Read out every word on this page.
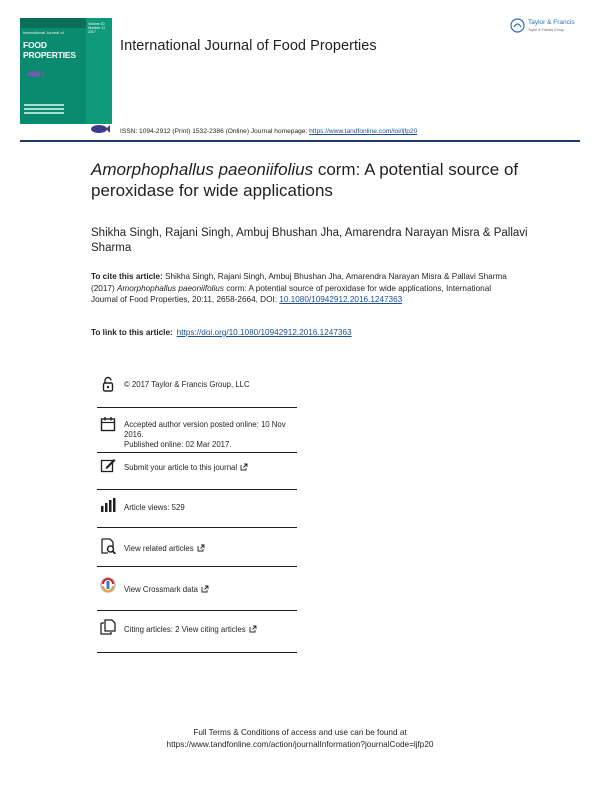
International Journal of
FOOD PROPERTIES
Volume 20 Number 11 2017
International Journal of Food Properties
Taylor & Francis
Taylor & Francis Group
ISSN: 1094-2912 (Print) 1532-2386 (Online) Journal homepage: https://www.tandfonline.com/loi/ljfp20
Amorphophallus paeoniifolius corm: A potential source of peroxidase for wide applications
Shikha Singh, Rajani Singh, Ambuj Bhushan Jha, Amarendra Narayan Misra & Pallavi Sharma
To cite this article: Shikha Singh, Rajani Singh, Ambuj Bhushan Jha, Amarendra Narayan Misra & Pallavi Sharma (2017) Amorphophallus paeoniifolius corm: A potential source of peroxidase for wide applications, International Journal of Food Properties, 20:11, 2658-2664, DOI: 10.1080/10942912.2016.1247363
To link to this article: https://doi.org/10.1080/10942912.2016.1247363
© 2017 Taylor & Francis Group, LLC
Accepted author version posted online: 10 Nov 2016.
Published online: 02 Mar 2017.
Submit your article to this journal
Article views: 529
View related articles
View Crossmark data
Citing articles: 2 View citing articles
Full Terms & Conditions of access and use can be found at
https://www.tandfonline.com/action/journalInformation?journalCode=ljfp20
